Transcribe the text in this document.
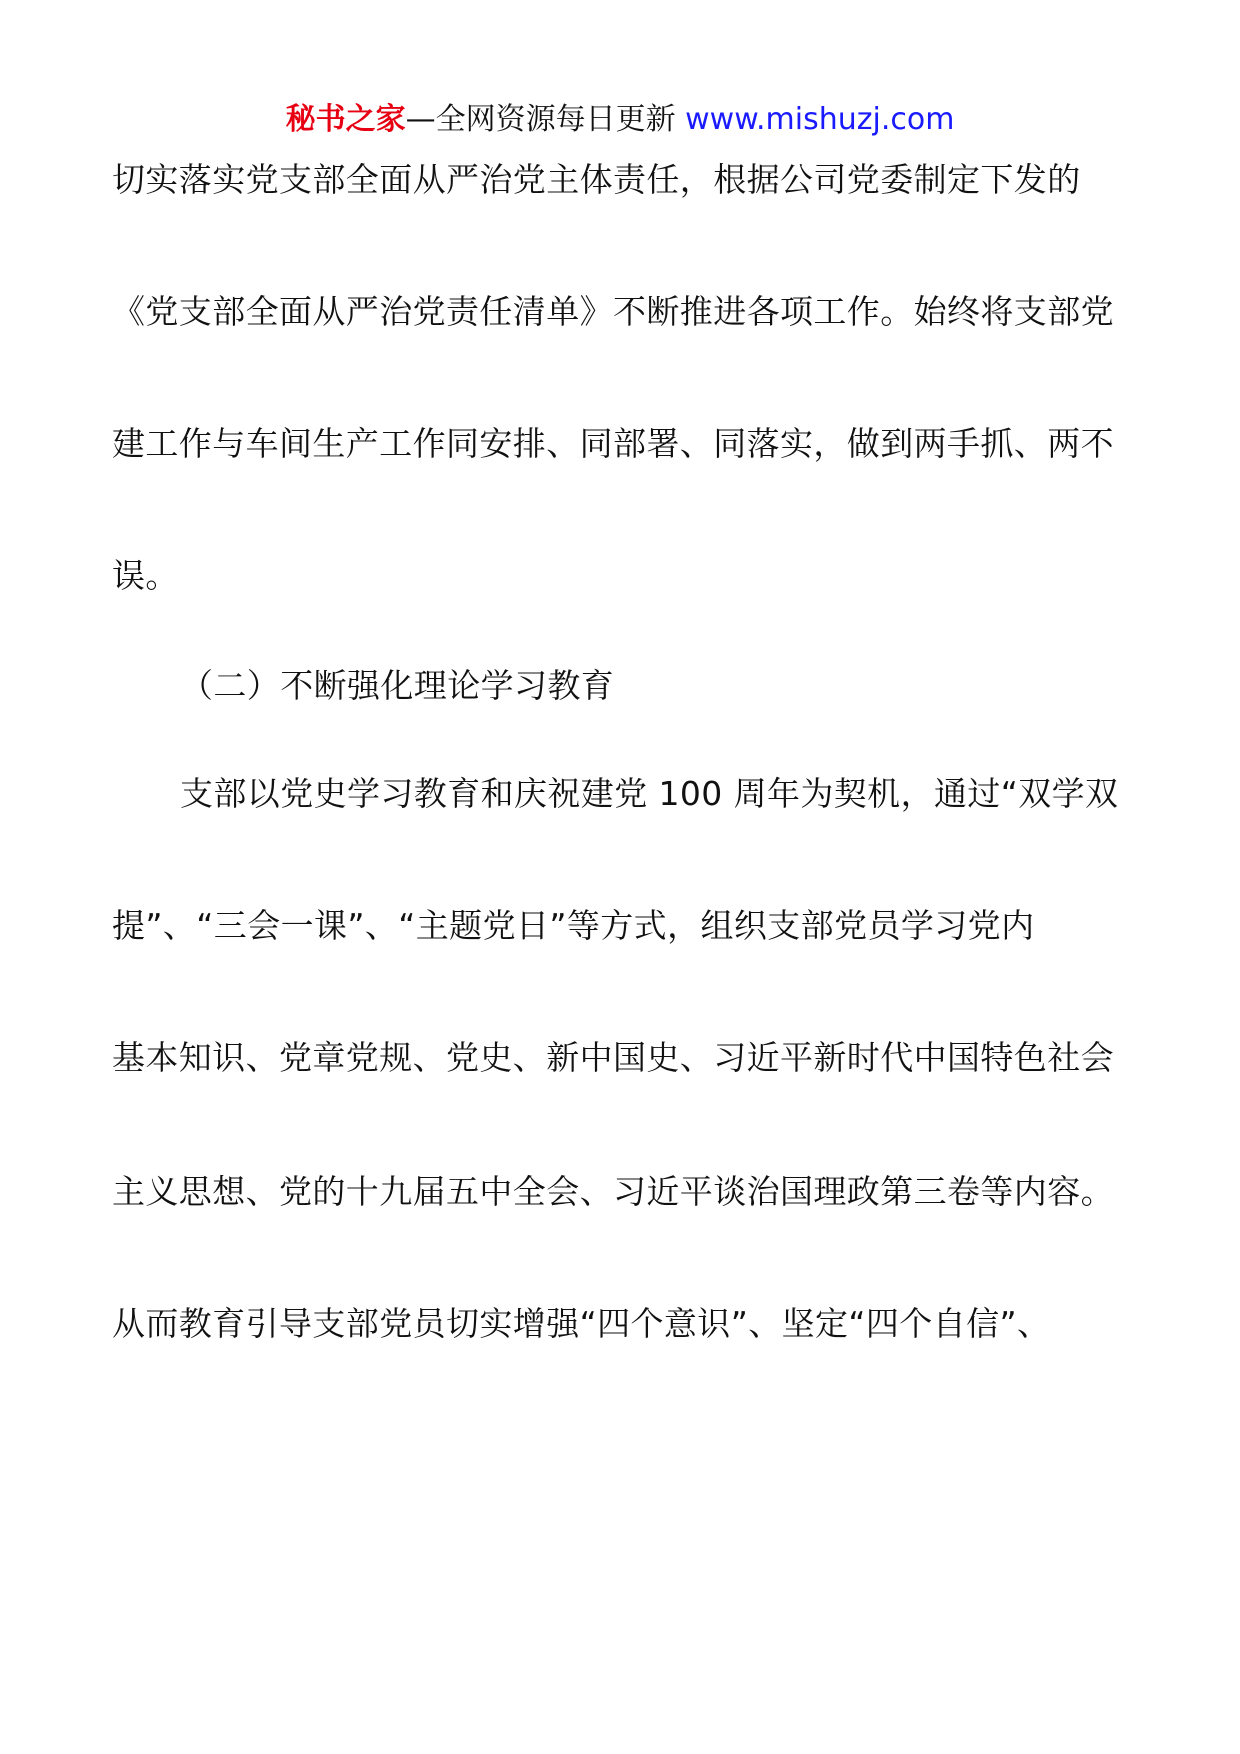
秘书之家—全网资源每日更新 www.mishuzj.com
切实落实党支部全面从严治党主体责任，根据公司党委制定下发的
《党支部全面从严治党责任清单》不断推进各项工作。始终将支部党
建工作与车间生产工作同安排、同部署、同落实，做到两手抓、两不
误。
（二）不断强化理论学习教育
支部以党史学习教育和庆祝建党 100 周年为契机，通过“双学双
提”、“三会一课”、“主题党日”等方式，组织支部党员学习党内
基本知识、党章党规、党史、新中国史、习近平新时代中国特色社会
主义思想、党的十九届五中全会、习近平谈治国理政第三卷等内容。
从而教育引导支部党员切实增强“四个意识”、坚定“四个自信”、
